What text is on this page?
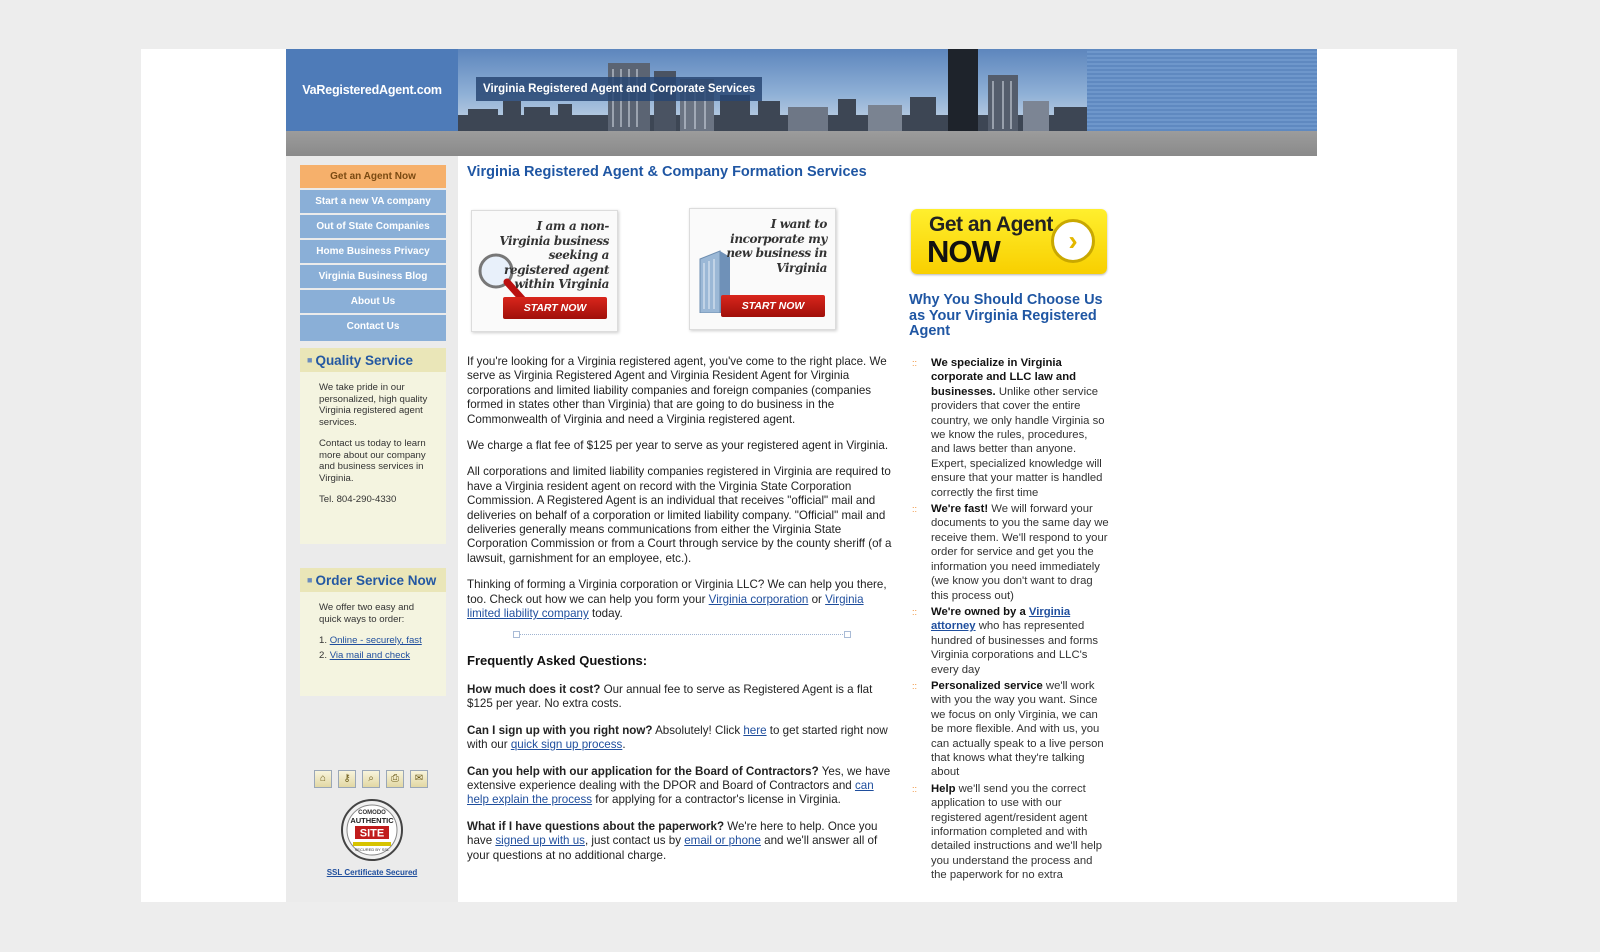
VaRegisteredAgent.com	Virginia Registered Agent and Corporate Services
Get an Agent Now
Start a new VA company
Out of State Companies
Home Business Privacy
Virginia Business Blog
About Us
Contact Us
■ Quality Service

We take pride in our personalized, high quality Virginia registered agent services.

Contact us today to learn more about our company and business services in Virginia.

Tel. 804-290-4330

■ Order Service Now

We offer two easy and quick ways to order:

1. Online - securely, fast
2. Via mail and check
⌂ ⚷ ⌕ ⎙ ✉
COMODO
AUTHENTIC
SITE
SECURED BY SSL
SSL Certificate Secured
Virginia Registered Agent & Company Formation Services
I am a non- Virginia business seeking a registered agent within Virginia
START NOW
I want to incorporate my new business in Virginia
START NOW

If you're looking for a Virginia registered agent, you've come to the right place. We serve as Virginia Registered Agent and Virginia Resident Agent for Virginia corporations and limited liability companies and foreign companies (companies formed in states other than Virginia) that are going to do business in the Commonwealth of Virginia and need a Virginia registered agent.

We charge a flat fee of $125 per year to serve as your registered agent in Virginia.

All corporations and limited liability companies registered in Virginia are required to have a Virginia resident agent on record with the Virginia State Corporation Commission. A Registered Agent is an individual that receives "official" mail and deliveries on behalf of a corporation or limited liability company. "Official" mail and deliveries generally means communications from either the Virginia State Corporation Commission or from a Court through service by the county sheriff (of a lawsuit, garnishment for an employee, etc.).

Thinking of forming a Virginia corporation or Virginia LLC? We can help you there, too. Check out how we can help you form your Virginia corporation or Virginia limited liability company today.

Frequently Asked Questions:

How much does it cost? Our annual fee to serve as Registered Agent is a flat $125 per year. No extra costs.

Can I sign up with you right now? Absolutely! Click here to get started right now with our quick sign up process.

Can you help with our application for the Board of Contractors? Yes, we have extensive experience dealing with the DPOR and Board of Contractors and can help explain the process for applying for a contractor's license in Virginia.

What if I have questions about the paperwork? We're here to help. Once you have signed up with us, just contact us by email or phone and we'll answer all of your questions at no additional charge.

Get an Agent
NOW	›
Why You Should Choose Us as Your Virginia Registered Agent
:: We specialize in Virginia corporate and LLC law and businesses. Unlike other service providers that cover the entire country, we only handle Virginia so we know the rules, procedures, and laws better than anyone. Expert, specialized knowledge will ensure that your matter is handled correctly the first time
:: We're fast! We will forward your documents to you the same day we receive them. We'll respond to your order for service and get you the information you need immediately (we know you don't want to drag this process out)
:: We're owned by a Virginia attorney who has represented hundred of businesses and forms Virginia corporations and LLC's every day
:: Personalized service we'll work with you the way you want. Since we focus on only Virginia, we can be more flexible. And with us, you can actually speak to a live person that knows what they're talking about
:: Help we'll send you the correct application to use with our registered agent/resident agent information completed and with detailed instructions and we'll help you understand the process and the paperwork for no extra
